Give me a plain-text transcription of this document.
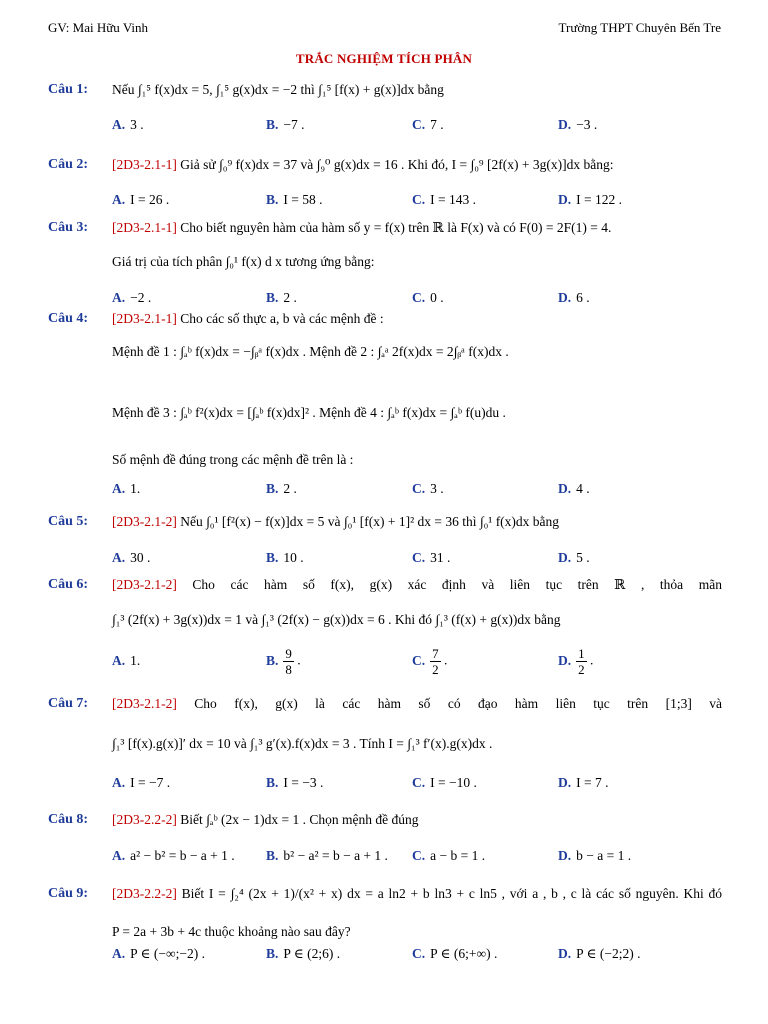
GV: Mai Hữu Vinh	Trường THPT Chuyên Bến Tre
TRẮC NGHIỆM TÍCH PHÂN
Câu 1: Nếu ∫₁⁵ f(x)dx = 5, ∫₁⁵ g(x)dx = −2 thì ∫₁⁵ [f(x) + g(x)]dx bằng
A. 3 .	B. −7 .	C. 7 .	D. −3 .
Câu 2: [2D3-2.1-1] Giả sử ∫₀⁹ f(x)dx = 37 và ∫₉⁰ g(x)dx = 16 . Khi đó, I = ∫₀⁹ [2f(x) + 3g(x)]dx bằng:
A. I = 26 .	B. I = 58 .	C. I = 143 .	D. I = 122 .
Câu 3: [2D3-2.1-1] Cho biết nguyên hàm của hàm số y = f(x) trên ℝ là F(x) và có F(0) = 2F(1) = 4.
Giá trị của tích phân ∫₀¹ f(x) d x tương ứng bằng:
A. −2 .	B. 2 .	C. 0 .	D. 6 .
Câu 4: [2D3-2.1-1] Cho các số thực a, b và các mệnh đề :
Mệnh đề 1 : ∫ₐᵇ f(x)dx = −∫ᵦᵃ f(x)dx . Mệnh đề 2 : ∫ₐᵃ 2f(x)dx = 2∫ᵦᵃ f(x)dx .
Mệnh đề 3 : ∫ₐᵇ f²(x)dx = [∫ₐᵇ f(x)dx]² . Mệnh đề 4 : ∫ₐᵇ f(x)dx = ∫ₐᵇ f(u)du .
Số mệnh đề đúng trong các mệnh đề trên là :
A. 1.	B. 2 .	C. 3 .	D. 4 .
Câu 5: [2D3-2.1-2] Nếu ∫₀¹ [f²(x) − f(x)]dx = 5 và ∫₀¹ [f(x) + 1]² dx = 36 thì ∫₀¹ f(x)dx bằng
A. 30 .	B. 10 .	C. 31 .	D. 5 .
Câu 6: [2D3-2.1-2] Cho các hàm số f(x), g(x) xác định và liên tục trên ℝ , thỏa mãn
∫₁³ (2f(x) + 3g(x))dx = 1 và ∫₁³ (2f(x) − g(x))dx = 6 . Khi đó ∫₁³ (f(x) + g(x))dx bằng
A. 1.	B. $\frac{9}{8}$ .	C. $\frac{7}{2}$ .	D. $\frac{1}{2}$ .
Câu 7: [2D3-2.1-2] Cho f(x), g(x) là các hàm số có đạo hàm liên tục trên [1;3] và
∫₁³ [f(x).g(x)]′ dx = 10 và ∫₁³ g′(x).f(x)dx = 3 . Tính I = ∫₁³ f′(x).g(x)dx .
A. I = −7 .	B. I = −3 .	C. I = −10 .	D. I = 7 .
Câu 8: [2D3-2.2-2] Biết ∫ₐᵇ (2x − 1)dx = 1 . Chọn mệnh đề đúng
A. a² − b² = b − a + 1 . B. b² − a² = b − a + 1 . C. a − b = 1 .	D. b − a = 1 .
Câu 9: [2D3-2.2-2] Biết I = ∫₂⁴ (2x + 1)/(x² + x) dx = a ln2 + b ln3 + c ln5 , với a , b , c là các số nguyên. Khi đó
P = 2a + 3b + 4c thuộc khoảng nào sau đây?
A. P ∈ (−∞;−2) .	B. P ∈ (2;6) .	C. P ∈ (6;+∞) .	D. P ∈ (−2;2) .
